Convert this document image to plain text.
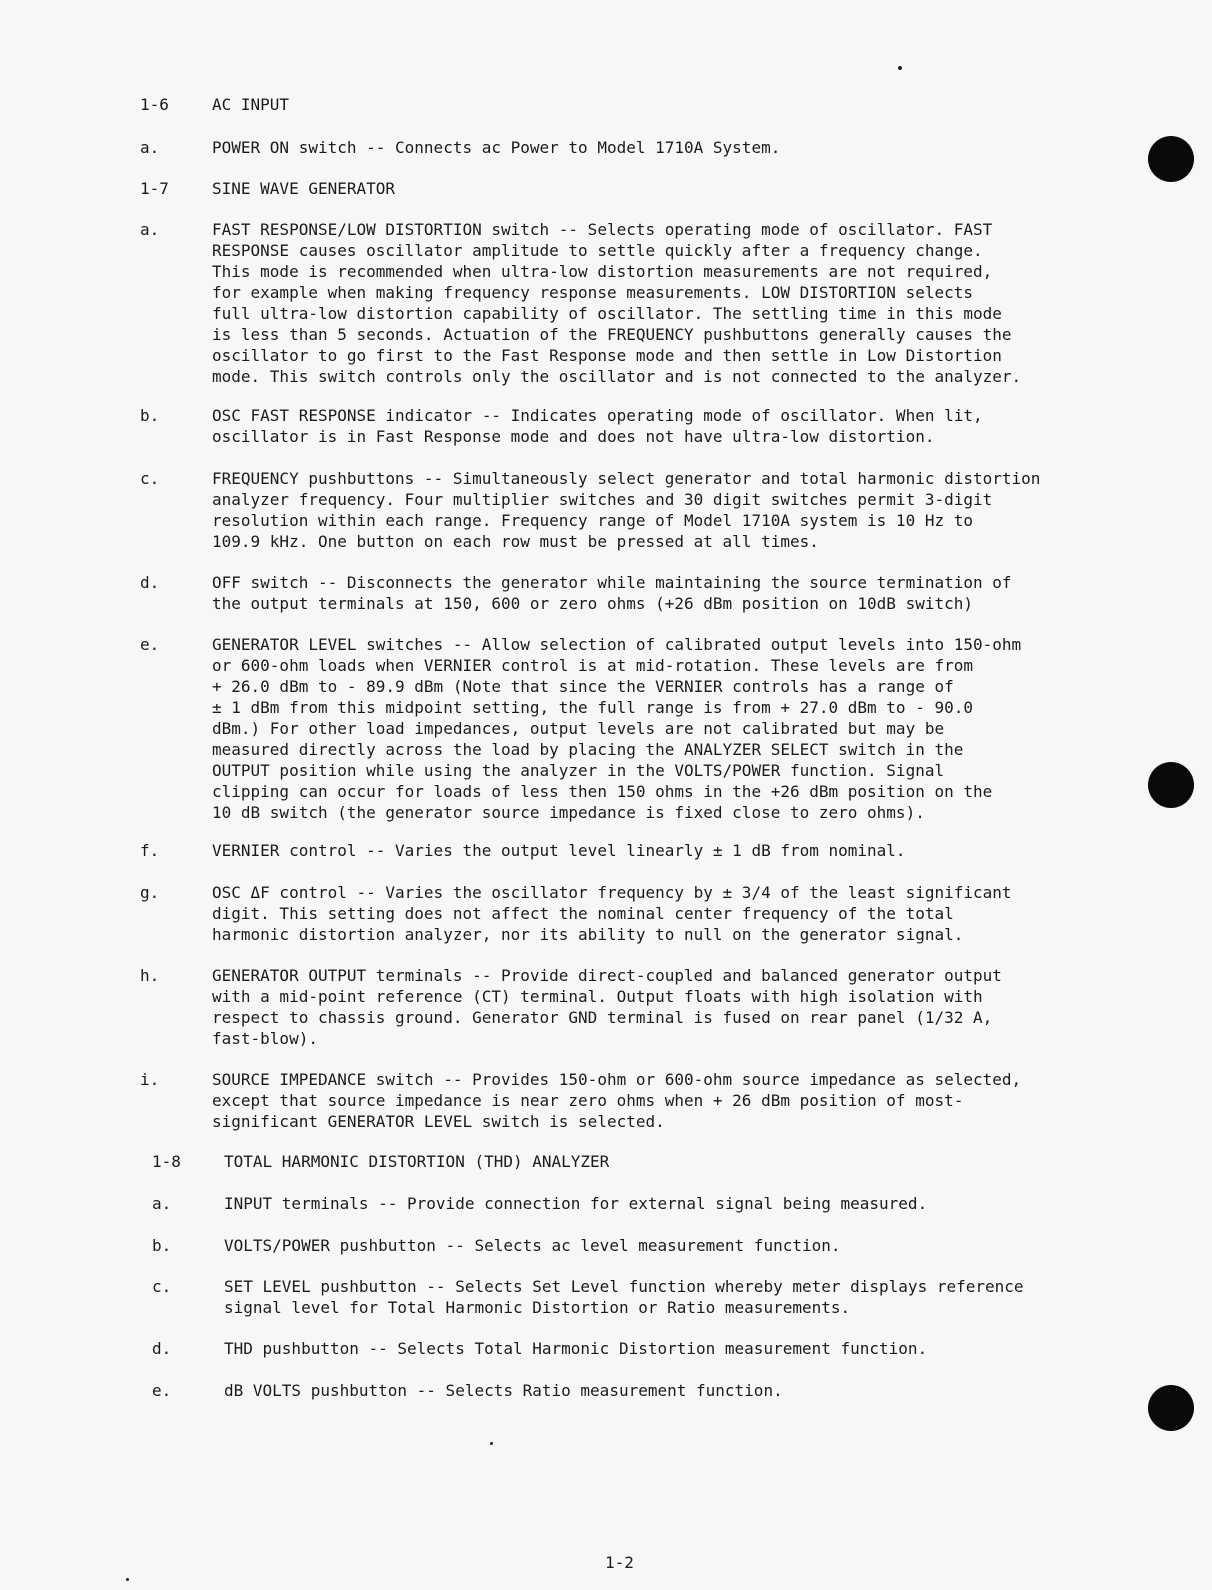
1-6	AC INPUT
a.	POWER ON switch -- Connects ac Power to Model 1710A System.
1-7	SINE WAVE GENERATOR
a.	FAST RESPONSE/LOW DISTORTION switch -- Selects operating mode of oscillator. FAST
RESPONSE causes oscillator amplitude to settle quickly after a frequency change.
This mode is recommended when ultra-low distortion measurements are not required,
for example when making frequency response measurements. LOW DISTORTION selects
full ultra-low distortion capability of oscillator. The settling time in this mode
is less than 5 seconds. Actuation of the FREQUENCY pushbuttons generally causes the
oscillator to go first to the Fast Response mode and then settle in Low Distortion
mode. This switch controls only the oscillator and is not connected to the analyzer.
b.	OSC FAST RESPONSE indicator -- Indicates operating mode of oscillator. When lit,
oscillator is in Fast Response mode and does not have ultra-low distortion.
c.	FREQUENCY pushbuttons -- Simultaneously select generator and total harmonic distortion
analyzer frequency. Four multiplier switches and 30 digit switches permit 3-digit
resolution within each range. Frequency range of Model 1710A system is 10 Hz to
109.9 kHz. One button on each row must be pressed at all times.
d.	OFF switch -- Disconnects the generator while maintaining the source termination of
the output terminals at 150, 600 or zero ohms (+26 dBm position on 10dB switch)
e.	GENERATOR LEVEL switches -- Allow selection of calibrated output levels into 150-ohm
or 600-ohm loads when VERNIER control is at mid-rotation. These levels are from
+ 26.0 dBm to - 89.9 dBm (Note that since the VERNIER controls has a range of
± 1 dBm from this midpoint setting, the full range is from + 27.0 dBm to - 90.0
dBm.) For other load impedances, output levels are not calibrated but may be
measured directly across the load by placing the ANALYZER SELECT switch in the
OUTPUT position while using the analyzer in the VOLTS/POWER function. Signal
clipping can occur for loads of less then 150 ohms in the +26 dBm position on the
10 dB switch (the generator source impedance is fixed close to zero ohms).
f.	VERNIER control -- Varies the output level linearly ± 1 dB from nominal.
g.	OSC ΔF control -- Varies the oscillator frequency by ± 3/4 of the least significant
digit. This setting does not affect the nominal center frequency of the total
harmonic distortion analyzer, nor its ability to null on the generator signal.
h.	GENERATOR OUTPUT terminals -- Provide direct-coupled and balanced generator output
with a mid-point reference (CT) terminal. Output floats with high isolation with
respect to chassis ground. Generator GND terminal is fused on rear panel (1/32 A,
fast-blow).
i.	SOURCE IMPEDANCE switch -- Provides 150-ohm or 600-ohm source impedance as selected,
except that source impedance is near zero ohms when + 26 dBm position of most-
significant GENERATOR LEVEL switch is selected.
1-8	TOTAL HARMONIC DISTORTION (THD) ANALYZER
a.	INPUT terminals -- Provide connection for external signal being measured.
b.	VOLTS/POWER pushbutton -- Selects ac level measurement function.
c.	SET LEVEL pushbutton -- Selects Set Level function whereby meter displays reference
signal level for Total Harmonic Distortion or Ratio measurements.
d.	THD pushbutton -- Selects Total Harmonic Distortion measurement function.
e.	dB VOLTS pushbutton -- Selects Ratio measurement function.
1-2
